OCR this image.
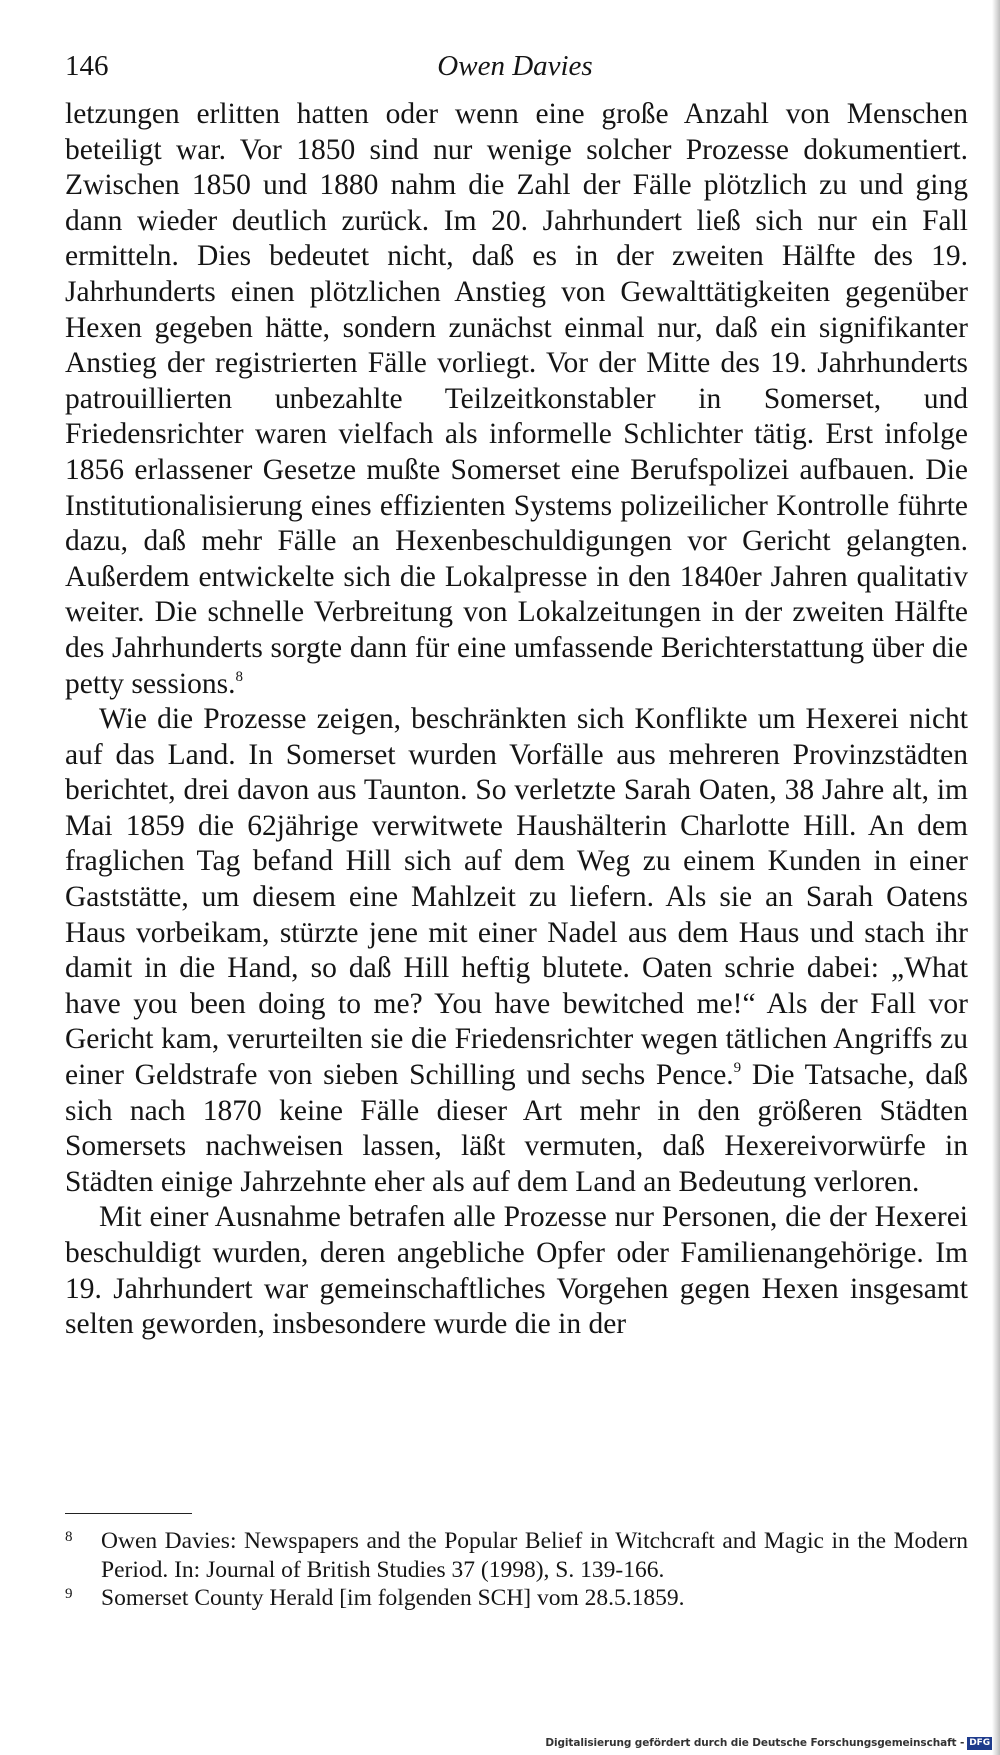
146	Owen Davies

letzungen erlitten hatten oder wenn eine große Anzahl von Menschen beteiligt war. Vor 1850 sind nur wenige solcher Prozesse dokumentiert. Zwischen 1850 und 1880 nahm die Zahl der Fälle plötzlich zu und ging dann wieder deutlich zurück. Im 20. Jahrhundert ließ sich nur ein Fall ermitteln. Dies bedeutet nicht, daß es in der zweiten Hälfte des 19. Jahrhunderts einen plötzlichen Anstieg von Gewalttätigkeiten gegenüber Hexen gegeben hätte, sondern zunächst einmal nur, daß ein signifikanter Anstieg der registrierten Fälle vorliegt. Vor der Mitte des 19. Jahrhunderts patrouillierten unbezahlte Teilzeitkonstabler in Somerset, und Friedensrichter waren vielfach als informelle Schlichter tätig. Erst infolge 1856 erlassener Gesetze mußte Somerset eine Berufspolizei aufbauen. Die Institutionalisierung eines effizienten Systems polizeilicher Kontrolle führte dazu, daß mehr Fälle an Hexenbeschuldigungen vor Gericht gelangten. Außerdem entwickelte sich die Lokalpresse in den 1840er Jahren qualitativ weiter. Die schnelle Verbreitung von Lokalzeitungen in der zweiten Hälfte des Jahrhunderts sorgte dann für eine umfassende Berichterstattung über die petty sessions.$^8$

Wie die Prozesse zeigen, beschränkten sich Konflikte um Hexerei nicht auf das Land. In Somerset wurden Vorfälle aus mehreren Provinzstädten berichtet, drei davon aus Taunton. So verletzte Sarah Oaten, 38 Jahre alt, im Mai 1859 die 62jährige verwitwete Haushälterin Charlotte Hill. An dem fraglichen Tag befand Hill sich auf dem Weg zu einem Kunden in einer Gaststätte, um diesem eine Mahlzeit zu liefern. Als sie an Sarah Oatens Haus vorbeikam, stürzte jene mit einer Nadel aus dem Haus und stach ihr damit in die Hand, so daß Hill heftig blutete. Oaten schrie dabei: „What have you been doing to me? You have bewitched me!“ Als der Fall vor Gericht kam, verurteilten sie die Friedensrichter wegen tätlichen Angriffs zu einer Geldstrafe von sieben Schilling und sechs Pence.$^9$ Die Tatsache, daß sich nach 1870 keine Fälle dieser Art mehr in den größeren Städten Somersets nachweisen lassen, läßt vermuten, daß Hexereivorwürfe in Städten einige Jahrzehnte eher als auf dem Land an Bedeutung verloren.

Mit einer Ausnahme betrafen alle Prozesse nur Personen, die der Hexerei beschuldigt wurden, deren angebliche Opfer oder Familienangehörige. Im 19. Jahrhundert war gemeinschaftliches Vorgehen gegen Hexen insgesamt selten geworden, insbesondere wurde die in der

8	Owen Davies: Newspapers and the Popular Belief in Witchcraft and Magic in the Modern Period. In: Journal of British Studies 37 (1998), S. 139-166.
9	Somerset County Herald [im folgenden SCH] vom 28.5.1859.
Digitalisierung gefördert durch die Deutsche Forschungsgemeinschaft - DFG
